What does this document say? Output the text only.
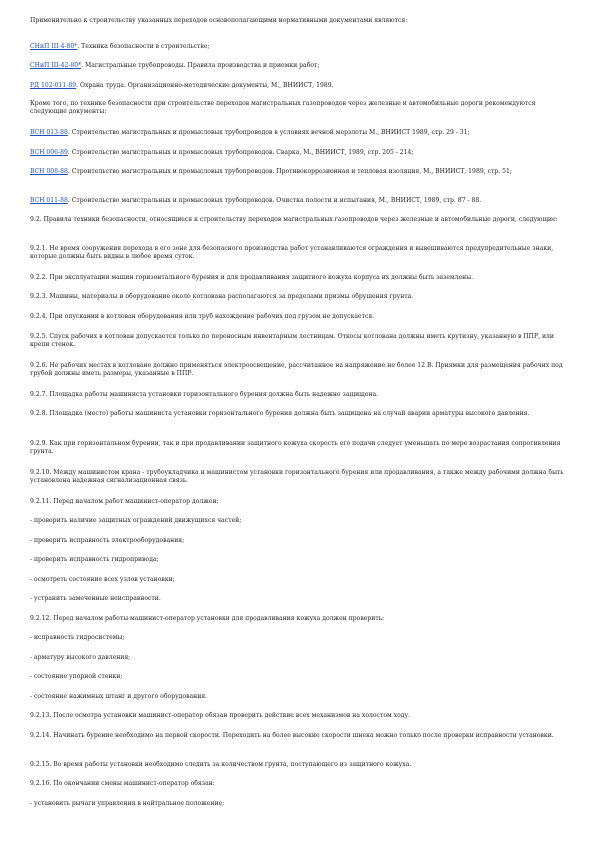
Применительно к строительству указанных переходов основополагающими нормативными документами являются:

СНиП III-4-80*. Техника безопасности в строительстве;

СНиП III-42-80*. Магистральные трубопроводы. Правила производства и приемки работ;

РД 102-011-89. Охрана труда. Организационно-методические документы, М., ВНИИСТ, 1989.

Кроме того, по технике безопасности при строительстве переходов магистральных газопроводов через железные и автомобильные дороги рекомендуются следующие документы:

ВСН 013-88. Строительство магистральных и промысловых трубопроводов в условиях вечной мерзлоты М., ВНИИСТ 1989, стр. 29 - 31;

ВСН 006-89. Строительство магистральных и промысловых трубопроводов. Сварка, М., ВНИИСТ, 1989, стр. 205 - 214;

ВСН 008-88. Строительство магистральных и промысловых трубопроводов. Противокоррозионная и тепловая изоляция, М., ВНИИСТ, 1989, стр. 51;

ВСН 011-88. Строительство магистральных и промысловых трубопроводов. Очистка полости и испытания, М., ВНИИСТ, 1989, стр. 87 - 88.

9.2. Правила техники безопасности, относящиеся к строительству переходов магистральных газопроводов через железные и автомобильные дороги, следующие:

9.2.1. Не время сооружения перехода в его зоне для безопасного производства работ устанавливаются ограждения и вывешиваются предупредительные знаки, которые должны быть видны в любое время суток.

9.2.2. При эксплуатации машин горизонтального бурения и для продавливания защитного кожуха корпуса их должны быть заземлены.

9.2.3. Машины, материалы и оборудование около котлована располагаются за пределами призмы обрушения грунта.

9.2.4. При опускании в котлован оборудования или труб нахождение рабочих под грузом не допускается.

9.2.5. Спуск рабочих в котлован допускается только по переносным инвентарным лестницам. Откосы котлована должны иметь крутизну, указанную в ППР, или крепи стенок.

9.2.6. Не рабочих местах в котловане должно применяться электроосвещение, рассчитанное на напряжение не более 12 В. Приямки для размещения рабочих под трубой должны иметь размеры, указанные в ППР.

9.2.7. Площадка работы машиниста установки горизонтального бурения должна быть надежно защищена.

9.2.8. Площадка (место) работы машиниста установки горизонтального бурения должна быть защищена на случай аварии арматуры высокого давления.

9.2.9. Как при горизонтальном бурении, так и при продавливании защитного кожуха скорость его подачи следует уменьшать по мере возрастания сопротивления грунта.

9.2.10. Между машинистом крана - трубоукладчика и машинистом установки горизонтального бурения или продавливания, а также между рабочими должна быть установлена надежная сигнализационная связь.

9.2.11. Перед началом работ машинист-оператор должен:

- проверить наличие защитных ограждений движущихся частей;

- проверить исправность электрооборудования;

- проверить исправность гидропривода;

- осмотреть состояние всех узлов установки;

- устранить замеченные неисправности.

9.2.12. Перед началом работы машинист-оператор установки для продавливания кожуха должен проверить:

- исправность гидросистемы;

- арматуру высокого давления;

- состояние упорной стенки;

- состояние нажимных штанг и другого оборудования.

9.2.13. После осмотра установки машинист-оператор обязан проверить действие всех механизмов на холостом ходу.

9.2.14. Начинать бурение необходимо на первой скорости. Переходить на более высокие скорости шнека можно только после проверки исправности установки.

9.2.15. Во время работы установки необходимо следить за количеством грунта, поступающего из защитного кожуха.

9.2.16. По окончании смены машинист-оператор обязан:

- установить рычаги управления в нейтральное положение;
